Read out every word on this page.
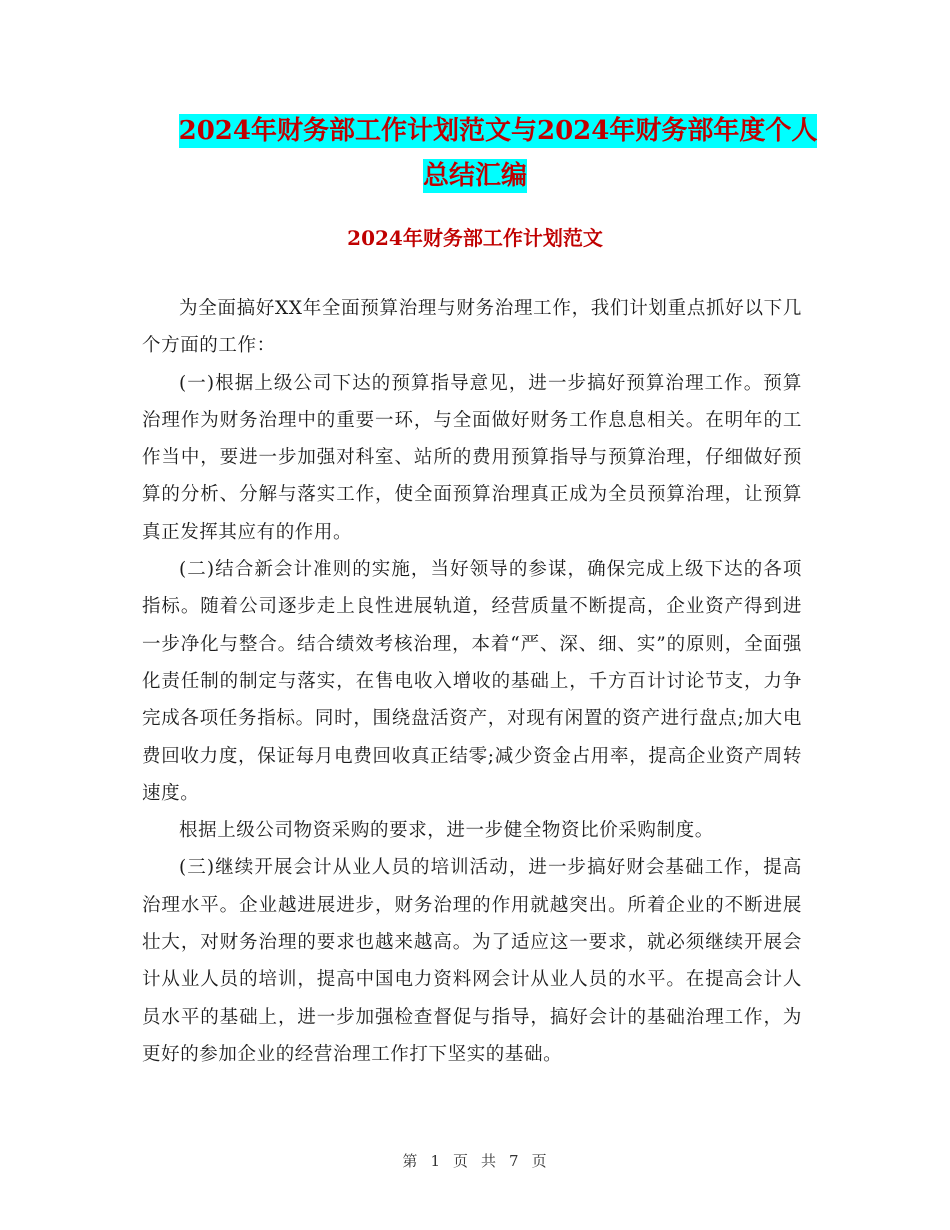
2024年财务部工作计划范文与2024年财务部年度个人
总结汇编
2024年财务部工作计划范文

为全面搞好XX年全面预算治理与财务治理工作，我们计划重点抓好以下几个方面的工作：

(一)根据上级公司下达的预算指导意见，进一步搞好预算治理工作。预算治理作为财务治理中的重要一环，与全面做好财务工作息息相关。在明年的工作当中，要进一步加强对科室、站所的费用预算指导与预算治理，仔细做好预算的分析、分解与落实工作，使全面预算治理真正成为全员预算治理，让预算真正发挥其应有的作用。

(二)结合新会计准则的实施，当好领导的参谋，确保完成上级下达的各项指标。随着公司逐步走上良性进展轨道，经营质量不断提高，企业资产得到进一步净化与整合。结合绩效考核治理，本着“严、深、细、实”的原则，全面强化责任制的制定与落实，在售电收入增收的基础上，千方百计讨论节支，力争完成各项任务指标。同时，围绕盘活资产，对现有闲置的资产进行盘点;加大电费回收力度，保证每月电费回收真正结零;减少资金占用率，提高企业资产周转速度。

根据上级公司物资采购的要求，进一步健全物资比价采购制度。

(三)继续开展会计从业人员的培训活动，进一步搞好财会基础工作，提高治理水平。企业越进展进步，财务治理的作用就越突出。所着企业的不断进展壮大，对财务治理的要求也越来越高。为了适应这一要求，就必须继续开展会计从业人员的培训，提高中国电力资料网会计从业人员的水平。在提高会计人员水平的基础上，进一步加强检查督促与指导，搞好会计的基础治理工作，为更好的参加企业的经营治理工作打下坚实的基础。

第 1 页 共 7 页
